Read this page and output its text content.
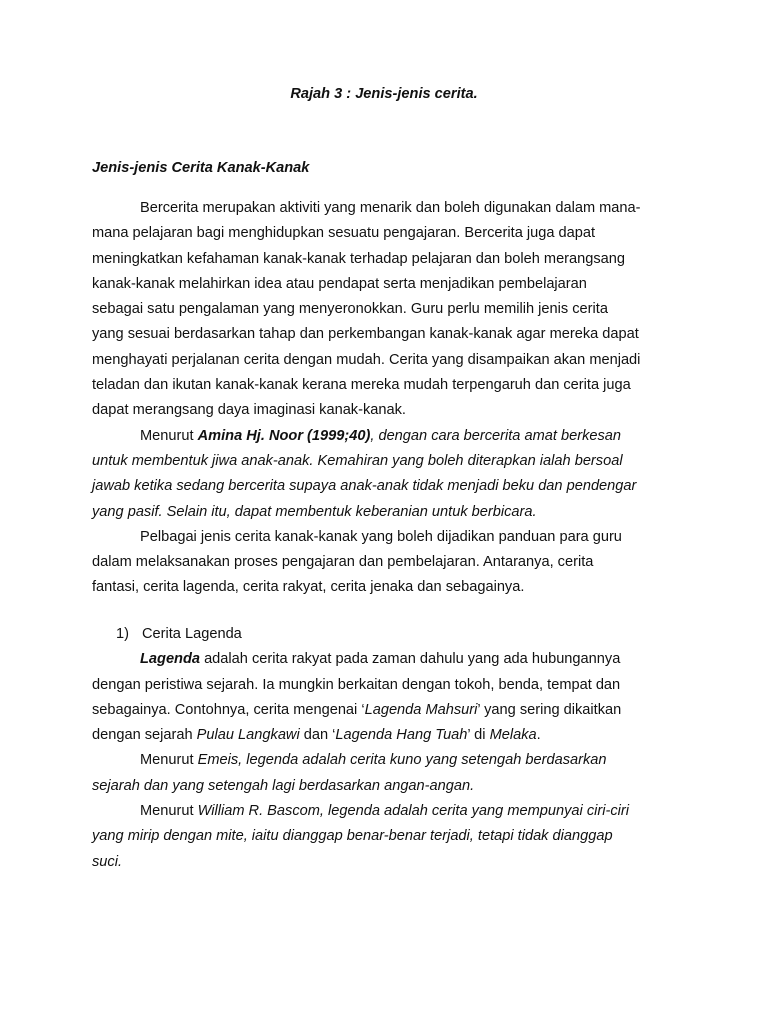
Rajah 3 : Jenis-jenis cerita.
Jenis-jenis Cerita Kanak-Kanak
Bercerita merupakan aktiviti yang menarik dan boleh digunakan dalam mana-
mana pelajaran bagi menghidupkan sesuatu pengajaran. Bercerita juga dapat
meningkatkan kefahaman kanak-kanak terhadap pelajaran dan boleh merangsang
kanak-kanak melahirkan idea atau pendapat serta menjadikan pembelajaran
sebagai satu pengalaman yang menyeronokkan. Guru perlu memilih jenis cerita
yang sesuai berdasarkan tahap dan perkembangan kanak-kanak agar mereka dapat
menghayati perjalanan cerita dengan mudah. Cerita yang disampaikan akan menjadi
teladan dan ikutan kanak-kanak kerana mereka mudah terpengaruh dan cerita juga
dapat merangsang daya imaginasi kanak-kanak.
Menurut Amina Hj. Noor (1999;40), dengan cara bercerita amat berkesan
untuk membentuk jiwa anak-anak. Kemahiran yang boleh diterapkan ialah bersoal
jawab ketika sedang bercerita supaya anak-anak tidak menjadi beku dan pendengar
yang pasif. Selain itu, dapat membentuk keberanian untuk berbicara.
Pelbagai jenis cerita kanak-kanak yang boleh dijadikan panduan para guru
dalam melaksanakan proses pengajaran dan pembelajaran. Antaranya, cerita
fantasi, cerita lagenda, cerita rakyat, cerita jenaka dan sebagainya.
1) Cerita Lagenda
Lagenda adalah cerita rakyat pada zaman dahulu yang ada hubungannya
dengan peristiwa sejarah. Ia mungkin berkaitan dengan tokoh, benda, tempat dan
sebagainya. Contohnya, cerita mengenai ‘Lagenda Mahsuri’ yang sering dikaitkan
dengan sejarah Pulau Langkawi dan ‘Lagenda Hang Tuah’ di Melaka.
Menurut Emeis, legenda adalah cerita kuno yang setengah berdasarkan
sejarah dan yang setengah lagi berdasarkan angan-angan.
Menurut William R. Bascom, legenda adalah cerita yang mempunyai ciri-ciri
yang mirip dengan mite, iaitu dianggap benar-benar terjadi, tetapi tidak dianggap
suci.
